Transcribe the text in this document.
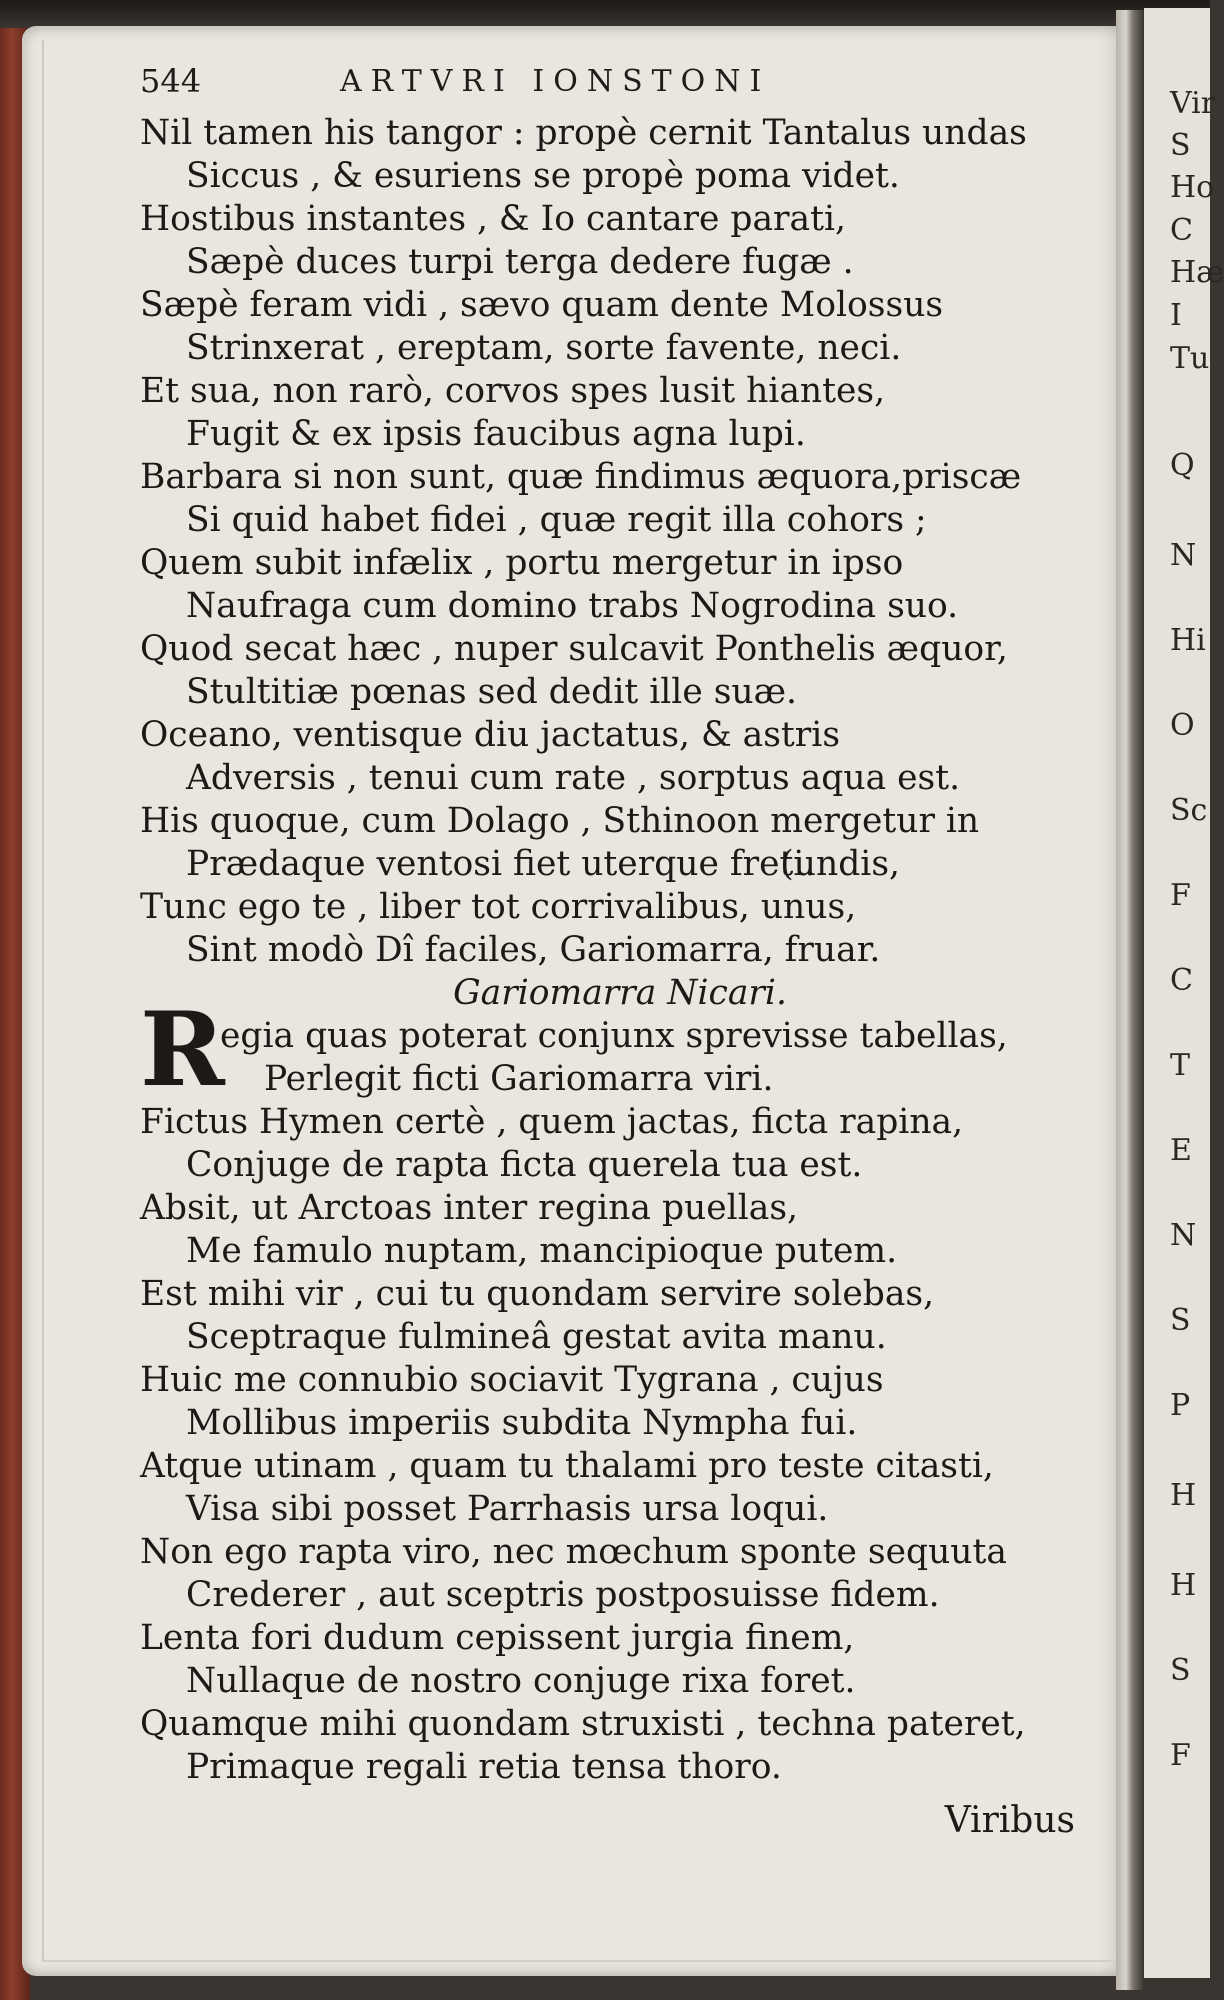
Vir
S
Ho
C
Hæ
I
Tu
Q
N
Hi
O
Sc
F
C
T
E
N
S
P
H
H
S
F
544	ARTVRI IONSTONI
Nil tamen his tangor : propè cernit Tantalus undas
Siccus , & esuriens se propè poma videt.
Hostibus instantes , & Io cantare parati,
Sæpè duces turpi terga dedere fugæ .
Sæpè feram vidi , sævo quam dente Molossus
Strinxerat , ereptam, sorte favente, neci.
Et sua, non rarò, corvos spes lusit hiantes,
Fugit & ex ipsis faucibus agna lupi.
Barbara si non sunt, quæ findimus æquora,priscæ
Si quid habet fidei , quæ regit illa cohors ;
Quem subit infælix , portu mergetur in ipso
Naufraga cum domino trabs Nogrodina suo.
Quod secat hæc , nuper sulcavit Ponthelis æquor,
Stultitiæ pœnas sed dedit ille suæ.
Oceano, ventisque diu jactatus, & astris
Adversis , tenui cum rate , sorptus aqua est.
His quoque, cum Dolago , Sthinoon mergetur in
Prædaque ventosi fiet uterque freti.
(undis,
Tunc ego te , liber tot corrivalibus, unus,
Sint modò Dî faciles, Gariomarra, fruar.
Gariomarra Nicari.
egia quas poterat conjunx sprevisse tabellas,
Perlegit ficti Gariomarra viri.
Fictus Hymen certè , quem jactas, ficta rapina,
Conjuge de rapta ficta querela tua est.
Absit, ut Arctoas inter regina puellas,
Me famulo nuptam, mancipioque putem.
Est mihi vir , cui tu quondam servire solebas,
Sceptraque fulmineâ gestat avita manu.
Huic me connubio sociavit Tygrana , cujus
Mollibus imperiis subdita Nympha fui.
Atque utinam , quam tu thalami pro teste citasti,
Visa sibi posset Parrhasis ursa loqui.
Non ego rapta viro, nec mœchum sponte sequuta
Crederer , aut sceptris postposuisse fidem.
Lenta fori dudum cepissent jurgia finem,
Nullaque de nostro conjuge rixa foret.
Quamque mihi quondam struxisti , techna pateret,
Primaque regali retia tensa thoro.
R
Viribus
